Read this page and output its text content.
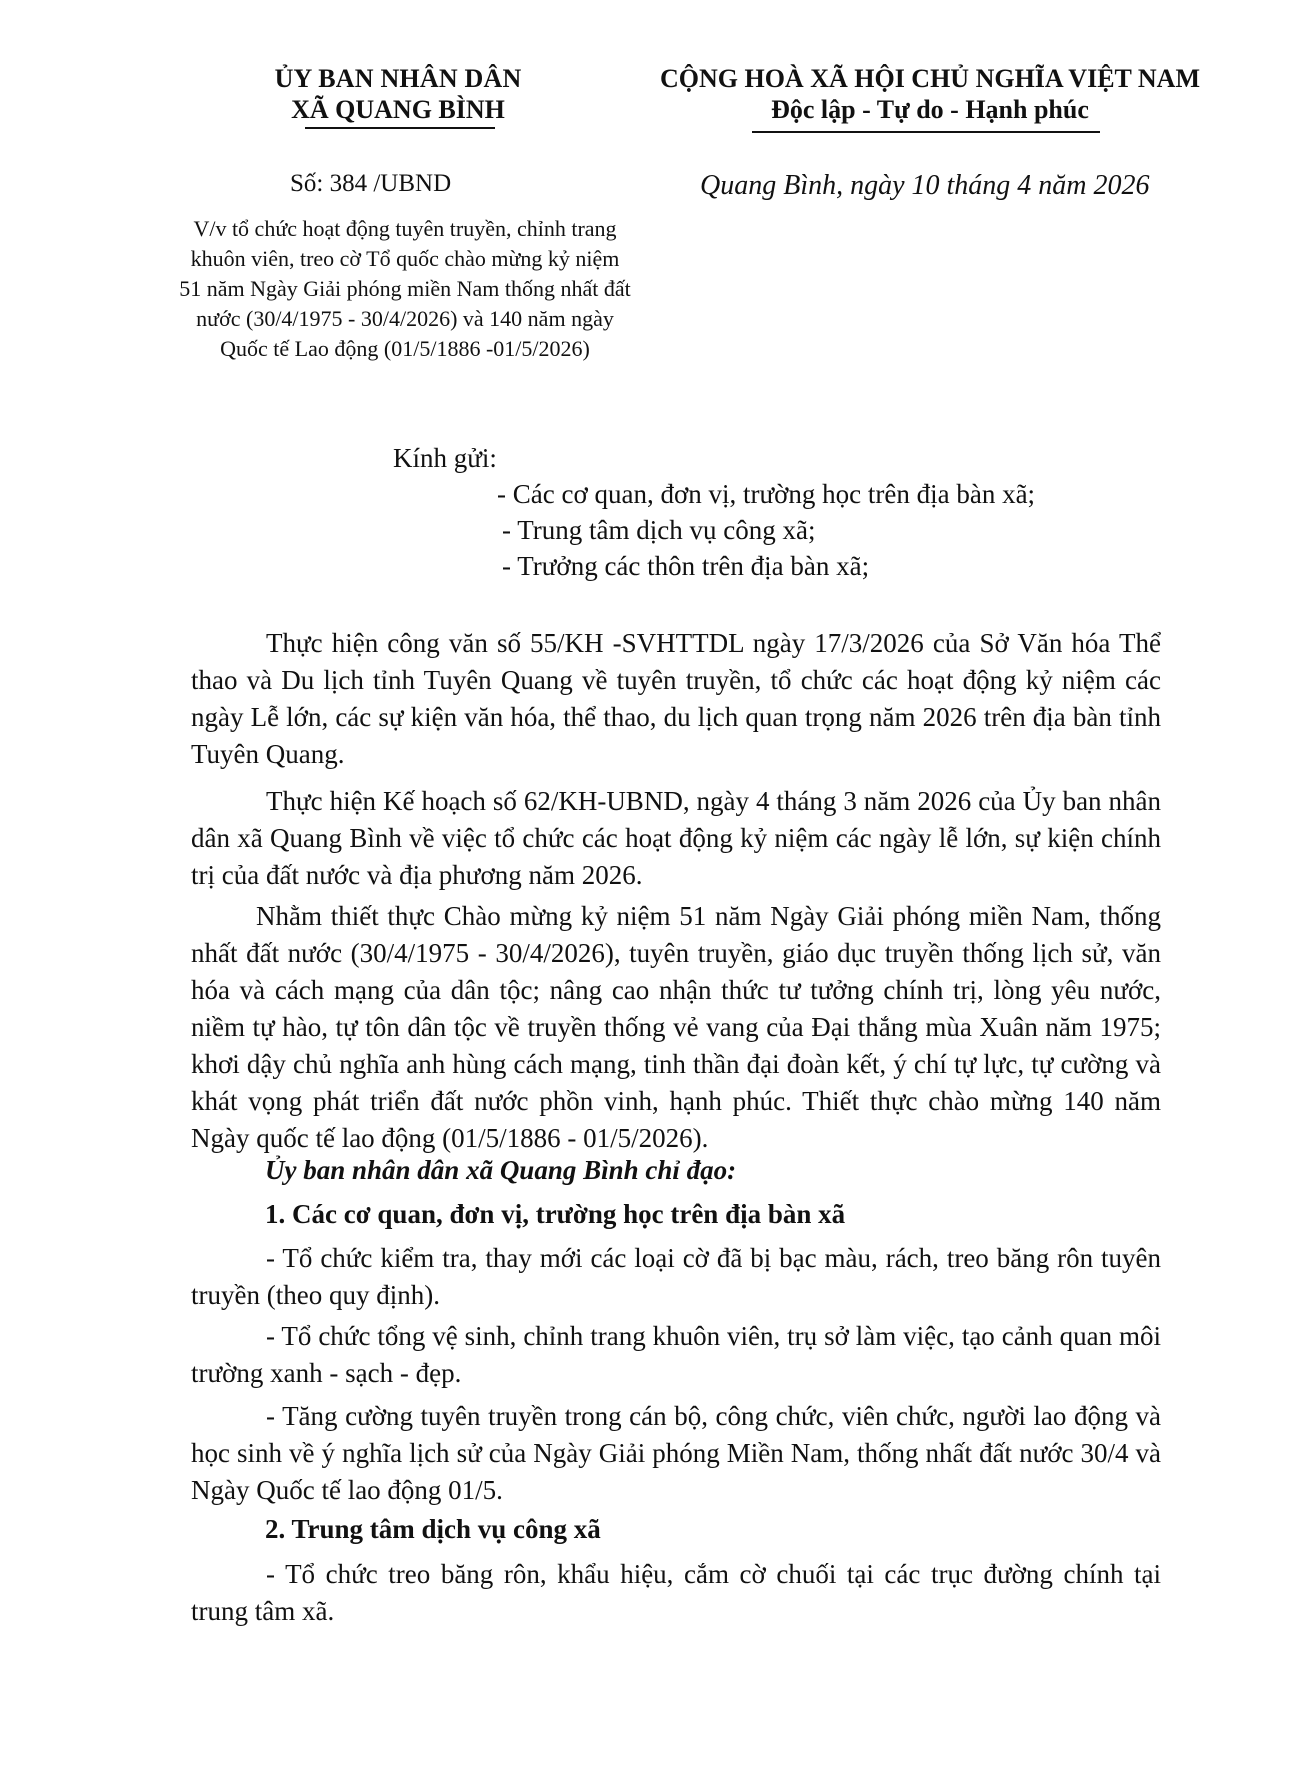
ỦY BAN NHÂN DÂN
XÃ QUANG BÌNH
CỘNG HOÀ XÃ HỘI CHỦ NGHĨA VIỆT NAM
Độc lập - Tự do - Hạnh phúc
Số: 384 /UBND	Quang Bình, ngày 10 tháng 4 năm 2026
V/v tổ chức hoạt động tuyên truyền, chỉnh trang khuôn viên, treo cờ Tổ quốc chào mừng kỷ niệm 51 năm Ngày Giải phóng miền Nam thống nhất đất nước (30/4/1975 - 30/4/2026) và 140 năm ngày Quốc tế Lao động (01/5/1886 -01/5/2026)
Kính gửi:
- Các cơ quan, đơn vị, trường học trên địa bàn xã;
- Trung tâm dịch vụ công xã;
- Trưởng các thôn trên địa bàn xã;

Thực hiện công văn số 55/KH -SVHTTDL ngày 17/3/2026 của Sở Văn hóa Thể thao và Du lịch tỉnh Tuyên Quang về tuyên truyền, tổ chức các hoạt động kỷ niệm các ngày Lễ lớn, các sự kiện văn hóa, thể thao, du lịch quan trọng năm 2026 trên địa bàn tỉnh Tuyên Quang.

Thực hiện Kế hoạch số 62/KH-UBND, ngày 4 tháng 3 năm 2026 của Ủy ban nhân dân xã Quang Bình về việc tổ chức các hoạt động kỷ niệm các ngày lễ lớn, sự kiện chính trị của đất nước và địa phương năm 2026.

Nhằm thiết thực Chào mừng kỷ niệm 51 năm Ngày Giải phóng miền Nam, thống nhất đất nước (30/4/1975 - 30/4/2026), tuyên truyền, giáo dục truyền thống lịch sử, văn hóa và cách mạng của dân tộc; nâng cao nhận thức tư tưởng chính trị, lòng yêu nước, niềm tự hào, tự tôn dân tộc về truyền thống vẻ vang của Đại thắng mùa Xuân năm 1975; khơi dậy chủ nghĩa anh hùng cách mạng, tinh thần đại đoàn kết, ý chí tự lực, tự cường và khát vọng phát triển đất nước phồn vinh, hạnh phúc. Thiết thực chào mừng 140 năm Ngày quốc tế lao động (01/5/1886 - 01/5/2026).

Ủy ban nhân dân xã Quang Bình chỉ đạo:
1. Các cơ quan, đơn vị, trường học trên địa bàn xã

- Tổ chức kiểm tra, thay mới các loại cờ đã bị bạc màu, rách, treo băng rôn tuyên truyền (theo quy định).

- Tổ chức tổng vệ sinh, chỉnh trang khuôn viên, trụ sở làm việc, tạo cảnh quan môi trường xanh - sạch - đẹp.

- Tăng cường tuyên truyền trong cán bộ, công chức, viên chức, người lao động và học sinh về ý nghĩa lịch sử của Ngày Giải phóng Miền Nam, thống nhất đất nước 30/4 và Ngày Quốc tế lao động 01/5.

2. Trung tâm dịch vụ công xã

- Tổ chức treo băng rôn, khẩu hiệu, cắm cờ chuối tại các trục đường chính tại trung tâm xã.
